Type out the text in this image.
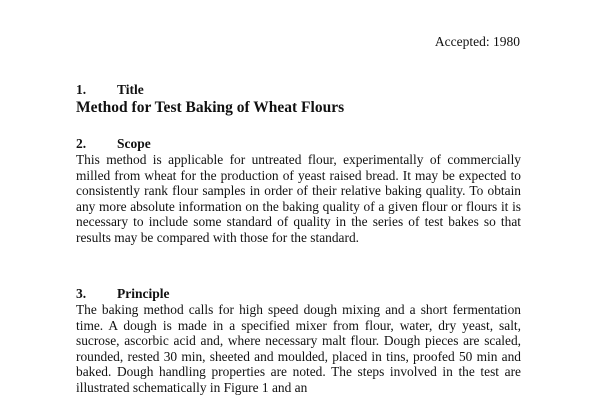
Accepted: 1980
1. Title
Method for Test Baking of Wheat Flours
2. Scope

This method is applicable for untreated flour, experimentally of commercially milled from wheat for the production of yeast raised bread. It may be expected to consistently rank flour samples in order of their relative baking quality. To obtain any more absolute information on the baking quality of a given flour or flours it is necessary to include some standard of quality in the series of test bakes so that results may be compared with those for the standard.

3. Principle

The baking method calls for high speed dough mixing and a short fermentation time. A dough is made in a specified mixer from flour, water, dry yeast, salt, sucrose, ascorbic acid and, where necessary malt flour. Dough pieces are scaled, rounded, rested 30 min, sheeted and moulded, placed in tins, proofed 50 min and baked. Dough handling properties are noted. The steps involved in the test are illustrated schematically in Figure 1 and an
